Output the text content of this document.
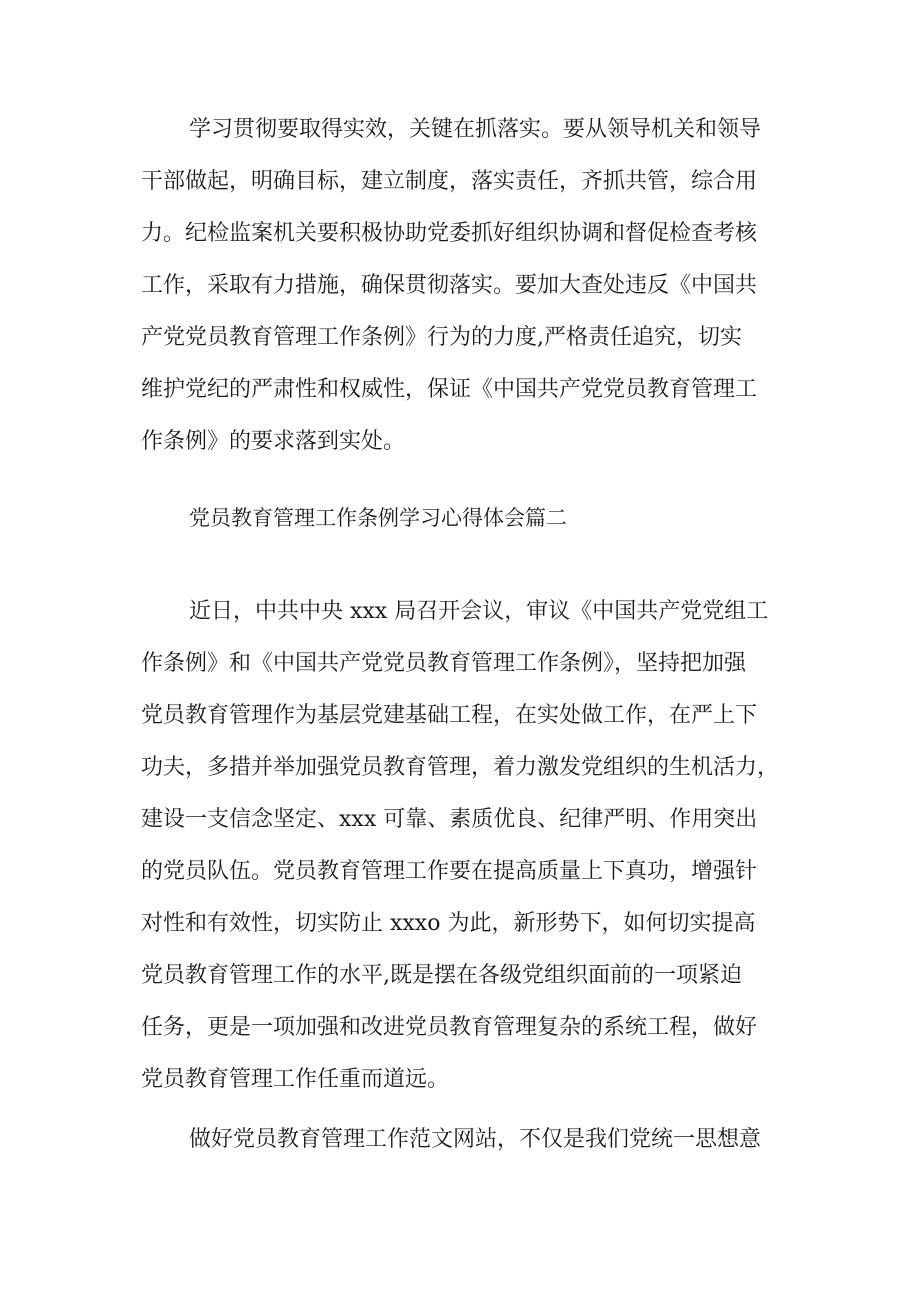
学习贯彻要取得实效，关键在抓落实。要从领导机关和领导
干部做起，明确目标，建立制度，落实责任，齐抓共管，综合用
力。纪检监案机关要积极协助党委抓好组织协调和督促检查考核
工作，采取有力措施，确保贯彻落实。要加大查处违反《中国共
产党党员教育管理工作条例》行为的力度,严格责任追究，切实
维护党纪的严肃性和权威性，保证《中国共产党党员教育管理工
作条例》的要求落到实处。
党员教育管理工作条例学习心得体会篇二
近日，中共中央 xxx 局召开会议，审议《中国共产党党组工
作条例》和《中国共产党党员教育管理工作条例》，坚持把加强
党员教育管理作为基层党建基础工程，在实处做工作，在严上下
功夫，多措并举加强党员教育管理，着力激发党组织的生机活力，
建设一支信念坚定、xxx 可靠、素质优良、纪律严明、作用突出
的党员队伍。党员教育管理工作要在提高质量上下真功，增强针
对性和有效性，切实防止 xxxo 为此，新形势下，如何切实提高
党员教育管理工作的水平,既是摆在各级党组织面前的一项紧迫
任务，更是一项加强和改进党员教育管理复杂的系统工程，做好
党员教育管理工作任重而道远。
做好党员教育管理工作范文网站，不仅是我们党统一思想意
